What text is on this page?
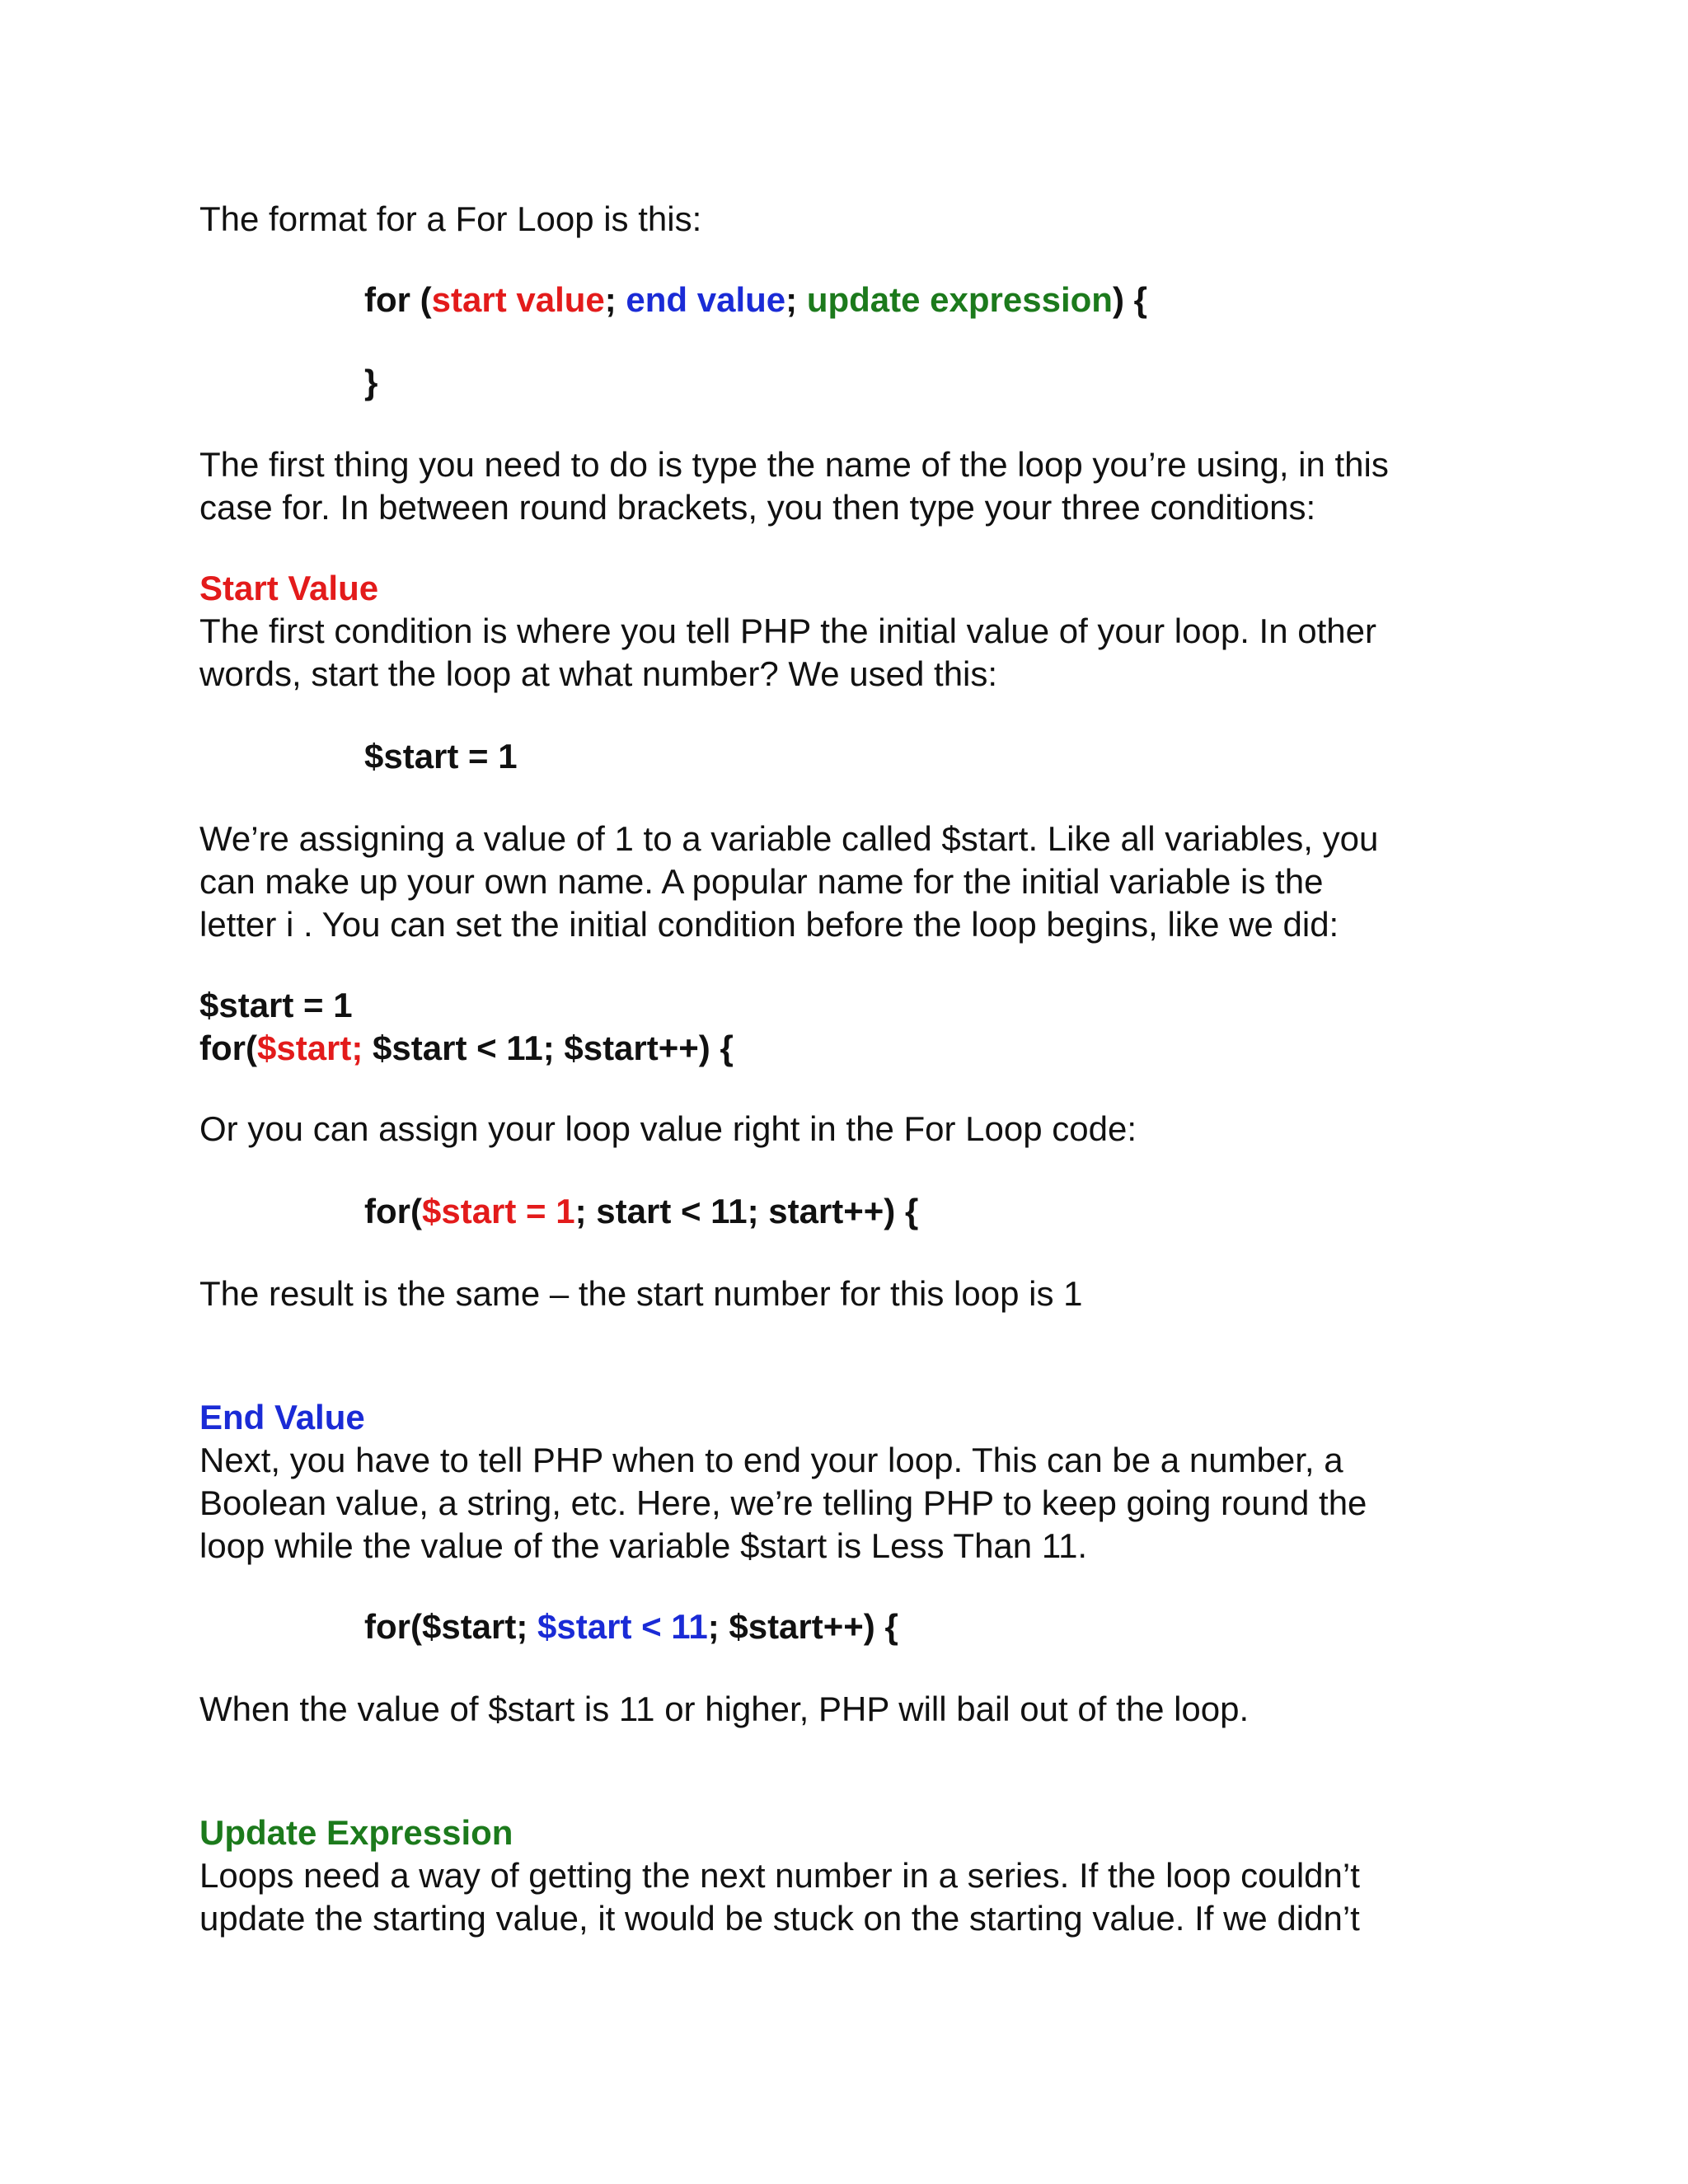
The format for a For Loop is this:
for (start value; end value; update expression) {
}
The first thing you need to do is type the name of the loop you’re using, in this
case for. In between round brackets, you then type your three conditions:
Start Value
The first condition is where you tell PHP the initial value of your loop. In other
words, start the loop at what number? We used this:
$start = 1
We’re assigning a value of 1 to a variable called $start. Like all variables, you
can make up your own name. A popular name for the initial variable is the
letter i . You can set the initial condition before the loop begins, like we did:
$start = 1
for($start; $start < 11; $start++) {
Or you can assign your loop value right in the For Loop code:
for($start = 1; start < 11; start++) {
The result is the same – the start number for this loop is 1
End Value
Next, you have to tell PHP when to end your loop. This can be a number, a
Boolean value, a string, etc. Here, we’re telling PHP to keep going round the
loop while the value of the variable $start is Less Than 11.
for($start; $start < 11; $start++) {
When the value of $start is 11 or higher, PHP will bail out of the loop.
Update Expression
Loops need a way of getting the next number in a series. If the loop couldn’t
update the starting value, it would be stuck on the starting value. If we didn’t
